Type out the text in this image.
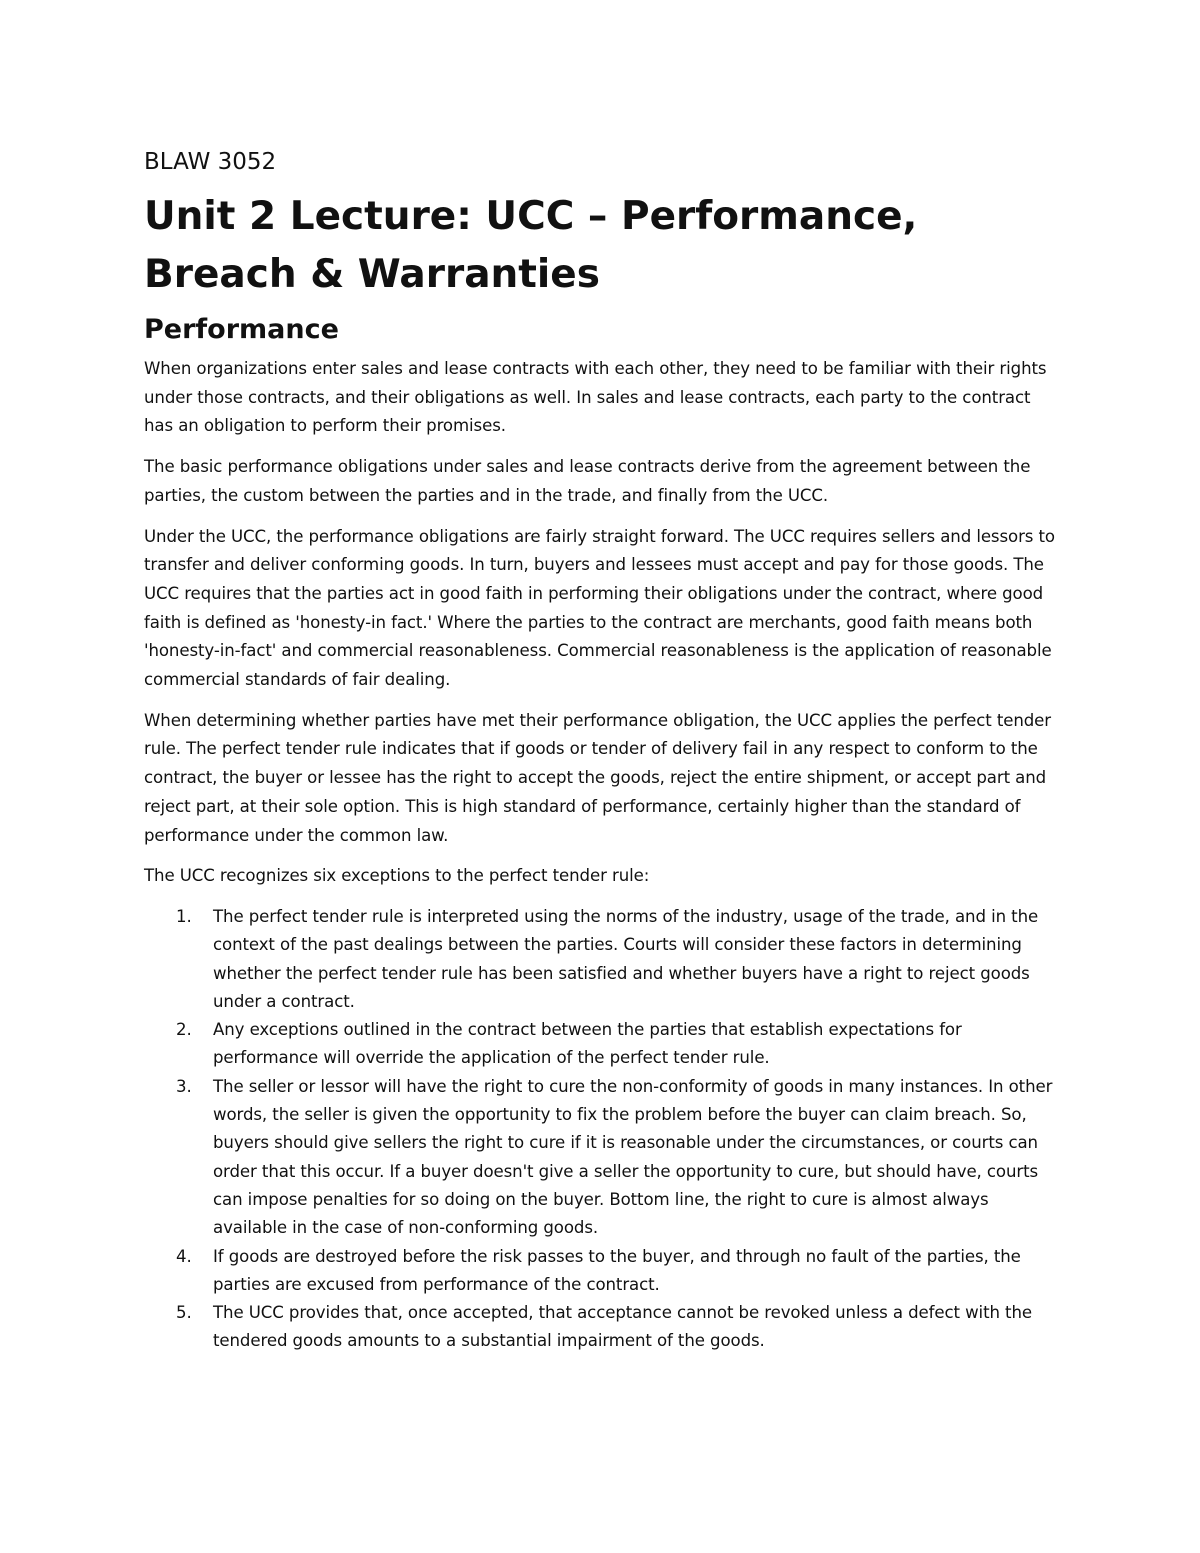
BLAW 3052
Unit 2 Lecture: UCC – Performance, Breach & Warranties
Performance

When organizations enter sales and lease contracts with each other, they need to be familiar with their rights under those contracts, and their obligations as well. In sales and lease contracts, each party to the contract has an obligation to perform their promises.

The basic performance obligations under sales and lease contracts derive from the agreement between the parties, the custom between the parties and in the trade, and finally from the UCC.

Under the UCC, the performance obligations are fairly straight forward. The UCC requires sellers and lessors to transfer and deliver conforming goods. In turn, buyers and lessees must accept and pay for those goods. The UCC requires that the parties act in good faith in performing their obligations under the contract, where good faith is defined as 'honesty-in fact.' Where the parties to the contract are merchants, good faith means both 'honesty-in-fact' and commercial reasonableness. Commercial reasonableness is the application of reasonable commercial standards of fair dealing.

When determining whether parties have met their performance obligation, the UCC applies the perfect tender rule. The perfect tender rule indicates that if goods or tender of delivery fail in any respect to conform to the contract, the buyer or lessee has the right to accept the goods, reject the entire shipment, or accept part and reject part, at their sole option. This is high standard of performance, certainly higher than the standard of performance under the common law.

The UCC recognizes six exceptions to the perfect tender rule:

1. The perfect tender rule is interpreted using the norms of the industry, usage of the trade, and in the context of the past dealings between the parties. Courts will consider these factors in determining whether the perfect tender rule has been satisfied and whether buyers have a right to reject goods under a contract.
2. Any exceptions outlined in the contract between the parties that establish expectations for performance will override the application of the perfect tender rule.
3. The seller or lessor will have the right to cure the non-conformity of goods in many instances. In other words, the seller is given the opportunity to fix the problem before the buyer can claim breach. So, buyers should give sellers the right to cure if it is reasonable under the circumstances, or courts can order that this occur. If a buyer doesn't give a seller the opportunity to cure, but should have, courts can impose penalties for so doing on the buyer. Bottom line, the right to cure is almost always available in the case of non-conforming goods.
4. If goods are destroyed before the risk passes to the buyer, and through no fault of the parties, the parties are excused from performance of the contract.
5. The UCC provides that, once accepted, that acceptance cannot be revoked unless a defect with the tendered goods amounts to a substantial impairment of the goods.
